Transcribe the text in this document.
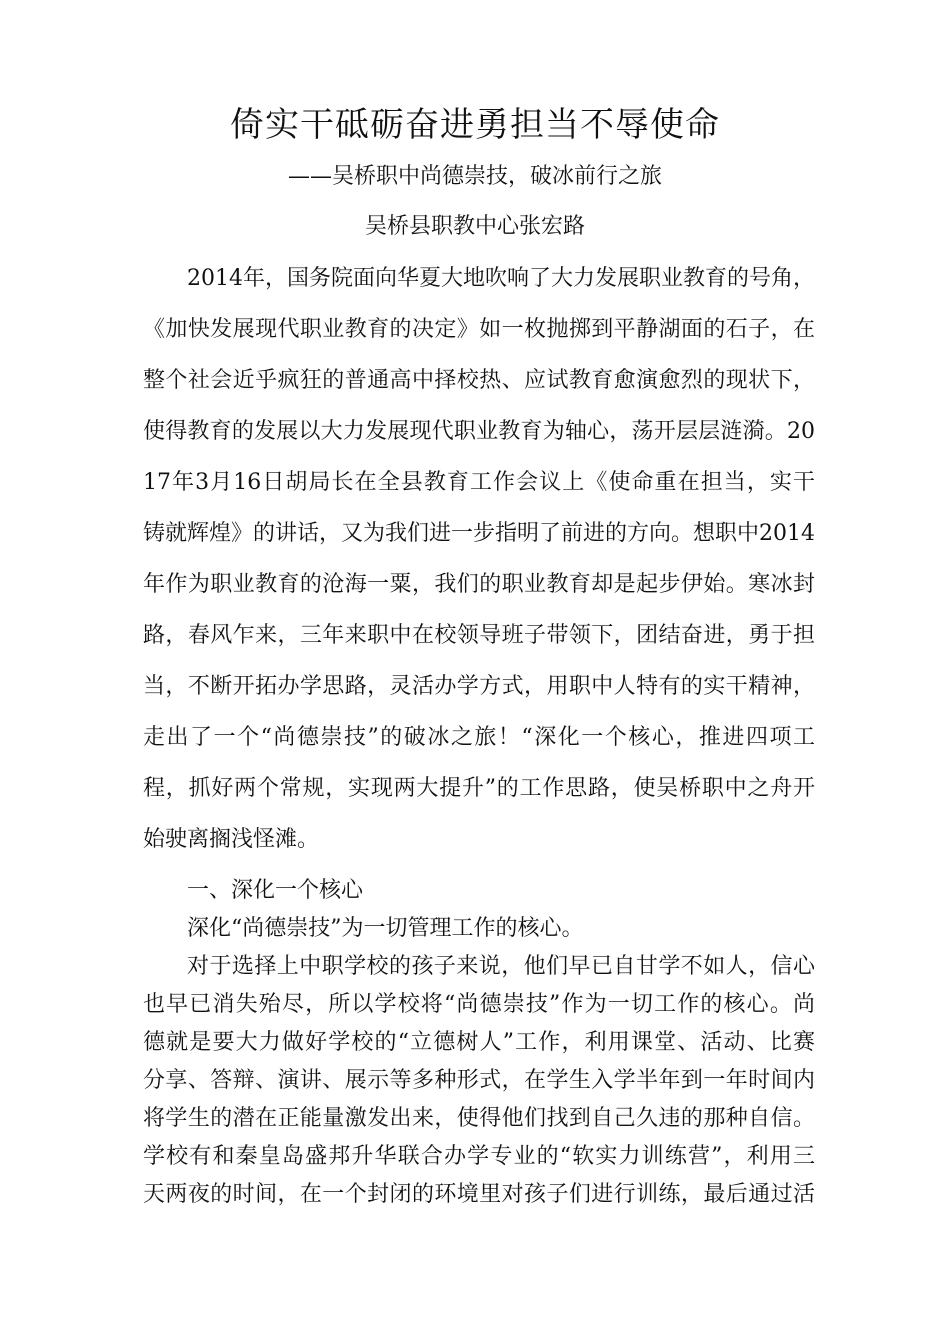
倚实干砥砺奋进勇担当不辱使命
——吴桥职中尚德崇技，破冰前行之旅
吴桥县职教中心张宏路
2014年，国务院面向华夏大地吹响了大力发展职业教育的号角，
《加快发展现代职业教育的决定》如一枚抛掷到平静湖面的石子，在
整个社会近乎疯狂的普通高中择校热、应试教育愈演愈烈的现状下，
使得教育的发展以大力发展现代职业教育为轴心，荡开层层涟漪。20
17年3月16日胡局长在全县教育工作会议上《使命重在担当，实干
铸就辉煌》的讲话，又为我们进一步指明了前进的方向。想职中2014
年作为职业教育的沧海一粟，我们的职业教育却是起步伊始。寒冰封
路，春风乍来，三年来职中在校领导班子带领下，团结奋进，勇于担
当，不断开拓办学思路，灵活办学方式，用职中人特有的实干精神，
走出了一个“尚德崇技”的破冰之旅！“深化一个核心，推进四项工
程，抓好两个常规，实现两大提升”的工作思路，使吴桥职中之舟开
始驶离搁浅怪滩。
一、深化一个核心
深化“尚德崇技”为一切管理工作的核心。
对于选择上中职学校的孩子来说，他们早已自甘学不如人，信心
也早已消失殆尽，所以学校将“尚德崇技”作为一切工作的核心。尚
德就是要大力做好学校的“立德树人”工作，利用课堂、活动、比赛
分享、答辩、演讲、展示等多种形式，在学生入学半年到一年时间内
将学生的潜在正能量激发出来，使得他们找到自己久违的那种自信。
学校有和秦皇岛盛邦升华联合办学专业的“软实力训练营”，利用三
天两夜的时间，在一个封闭的环境里对孩子们进行训练，最后通过活
